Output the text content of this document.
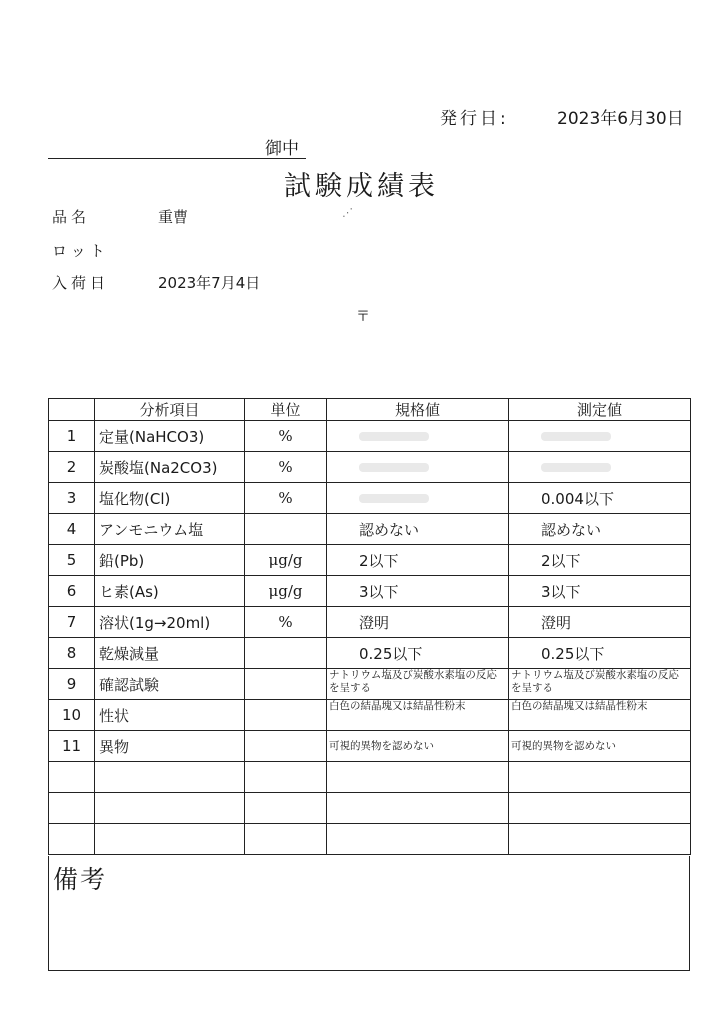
発行日:	2023年6月30日
御中
試験成績表
品名	重曹	⋰
ロット
入荷日	2023年7月4日
〒
	分析項目	単位	規格値	測定値
1	定量(NaHCO3)	%		
2	炭酸塩(Na2CO3)	%		
3	塩化物(Cl)	%		0.004以下
4	アンモニウム塩		認めない	認めない
5	鉛(Pb)	μg/g	2以下	2以下
6	ヒ素(As)	μg/g	3以下	3以下
7	溶状(1g→20ml)	%	澄明	澄明
8	乾燥減量		0.25以下	0.25以下
9	確認試験		ナトリウム塩及び炭酸水素塩の反応を呈する	ナトリウム塩及び炭酸水素塩の反応を呈する
10	性状		白色の結晶塊又は結晶性粉末	白色の結晶塊又は結晶性粉末
11	異物		可視的異物を認めない	可視的異物を認めない

備考
